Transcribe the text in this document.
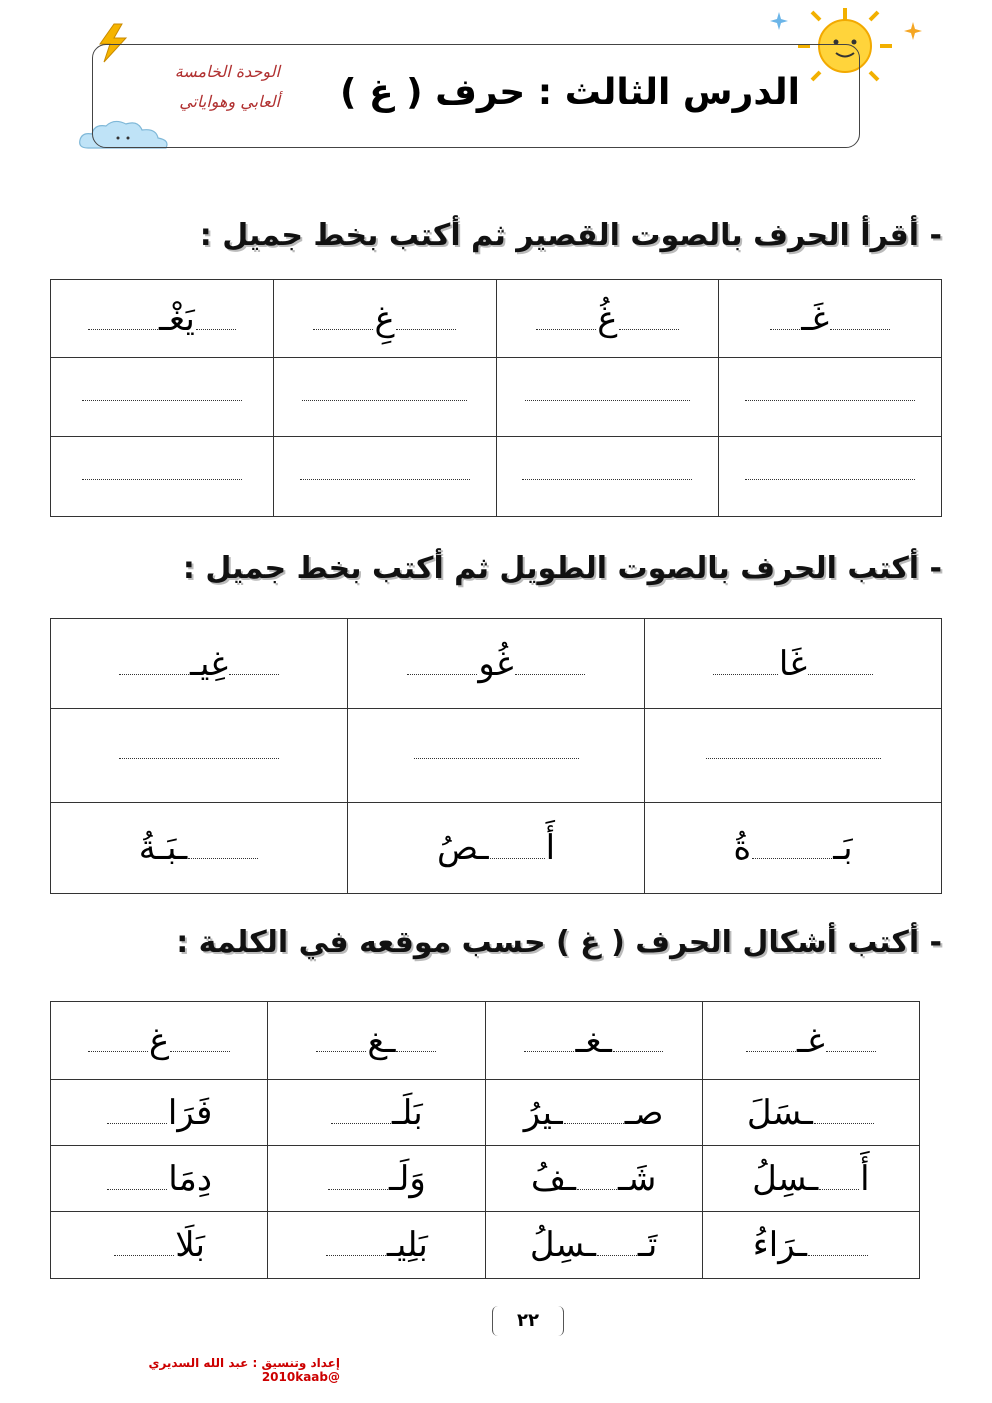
الدرس الثالث : حرف ( غ )
الوحدة الخامسة
ألعابي وهواياتي
- أقرأ الحرف بالصوت القصير ثم أكتب بخط جميل :
غَـ	غُ	غِ	يَغْـ

- أكتب الحرف بالصوت الطويل ثم أكتب بخط جميل :
غَا	غُو	غِيـ

بَـةُ	أَـصُ	ـبَـةُ
- أكتب أشكال الحرف ( غ ) حسب موقعه في الكلمة :
غـ	ـغـ	ـغ	غ
ـسَلَ	صــيرُ	بَلَـ	فَرَا
أَـسِلُ	شَــفُ	وَلَـ	دِمَا
ـرَاءُ	تَــسِلُ	بَلِيـ	بَلَا
٢٢
إعداد وتنسيق : عبد الله السديري @2010kaab
